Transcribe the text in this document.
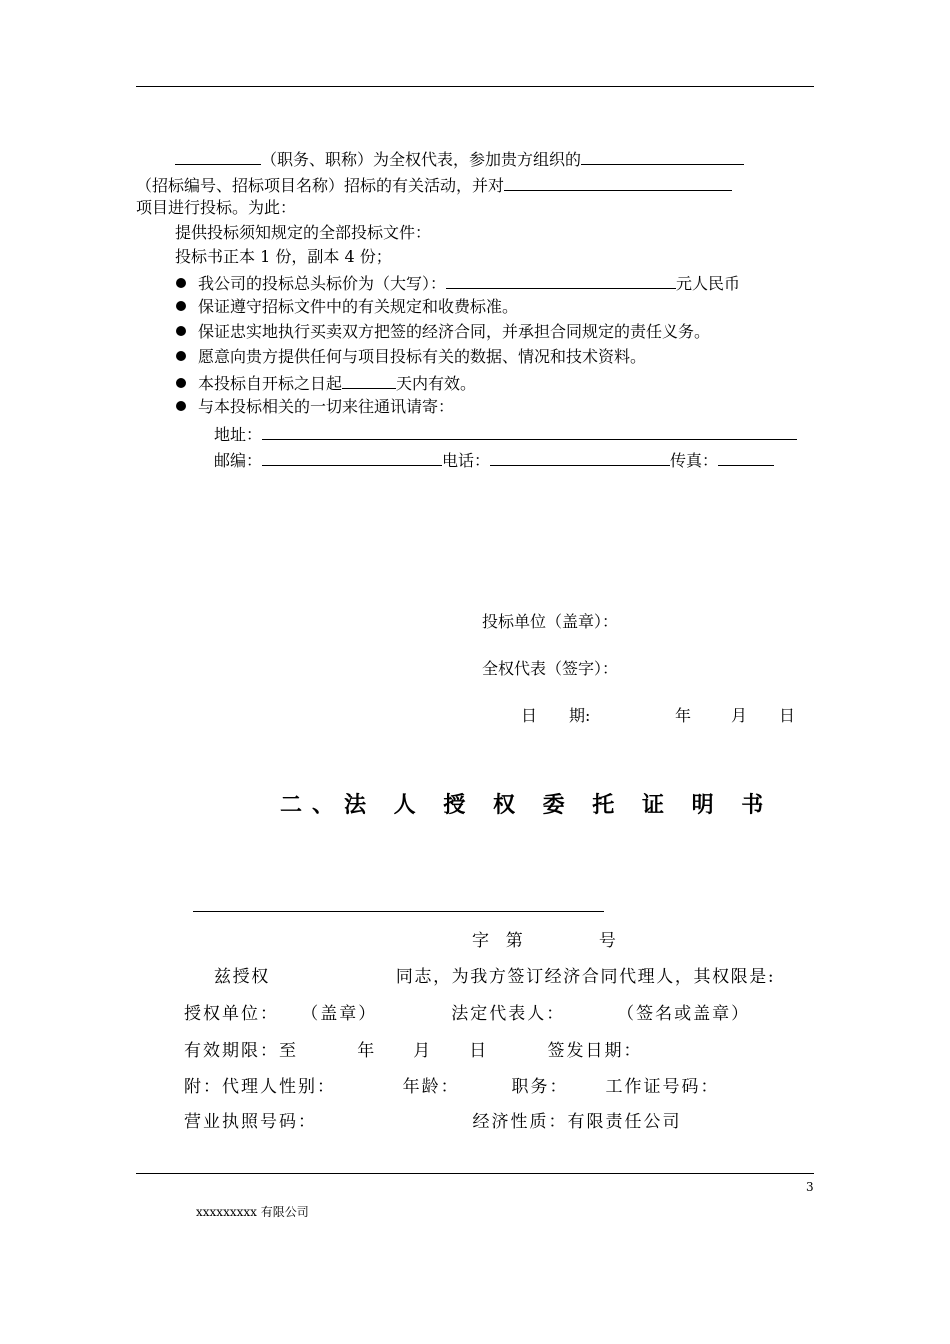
（职务、职称）为全权代表，参加贵方组织的
（招标编号、招标项目名称）招标的有关活动，并对
项目进行投标。为此：
提供投标须知规定的全部投标文件：
投标书正本 1 份，副本 4 份；
我公司的投标总头标价为（大写）：	元人民币
保证遵守招标文件中的有关规定和收费标准。
保证忠实地执行买卖双方把签的经济合同，并承担合同规定的责任义务。
愿意向贵方提供任何与项目投标有关的数据、情况和技术资料。
本投标自开标之日起	天内有效。
与本投标相关的一切来往通讯请寄：
地址：
邮编：	电话：	传真：
投标单位（盖章）：
全权代表（签字）：
日　　期:	年 月 日
二、法 人 授 权 委 托 证 明 书
字  第          号
兹授权                  同志，为我方签订经济合同代理人，其权限是:
授权单位：   （盖章）          法定代表人：       （签名或盖章）
有效期限：至        年     月     日        签发日期：
附：代理人性别：         年龄：       职务：     工作证号码：
营业执照号码：                     经济性质：有限责任公司
3
xxxxxxxxx 有限公司
